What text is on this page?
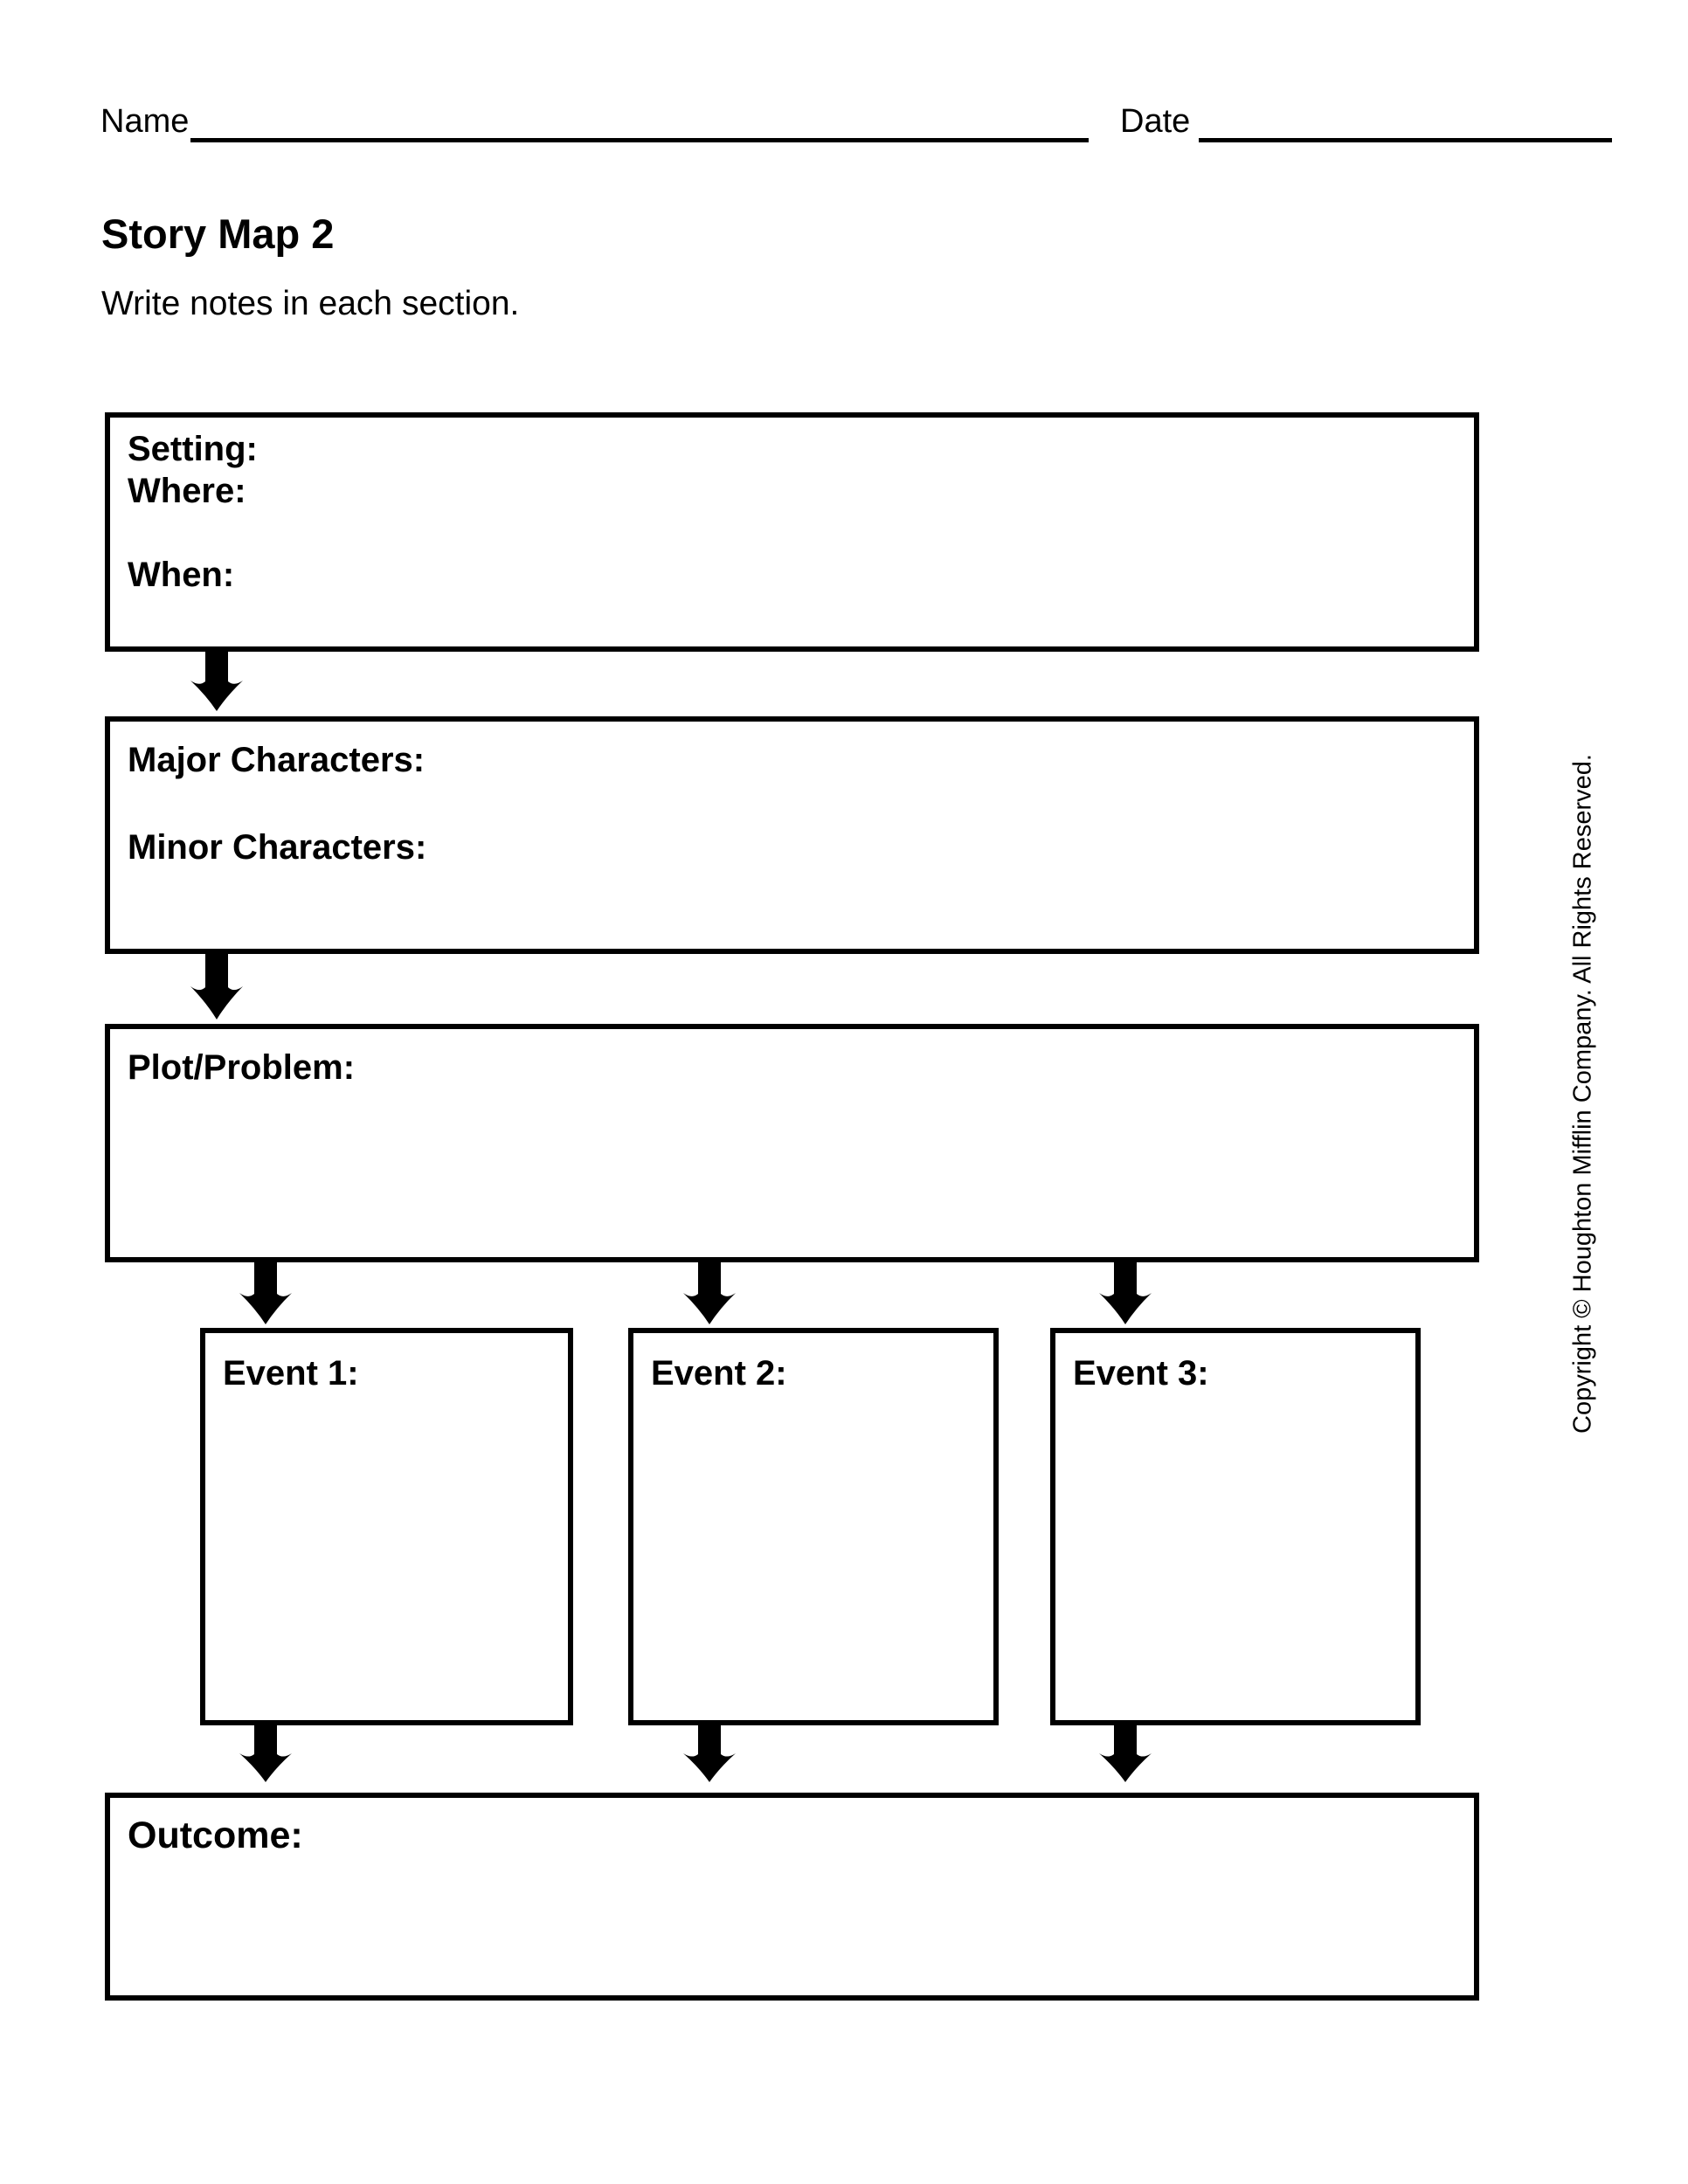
Name	Date
Story Map 2
Write notes in each section.
Setting:
Where:
When:
Major Characters:
Minor Characters:
Plot/Problem:
Event 1:	Event 2:	Event 3:
Outcome:
Copyright © Houghton Mifflin Company. All Rights Reserved.
